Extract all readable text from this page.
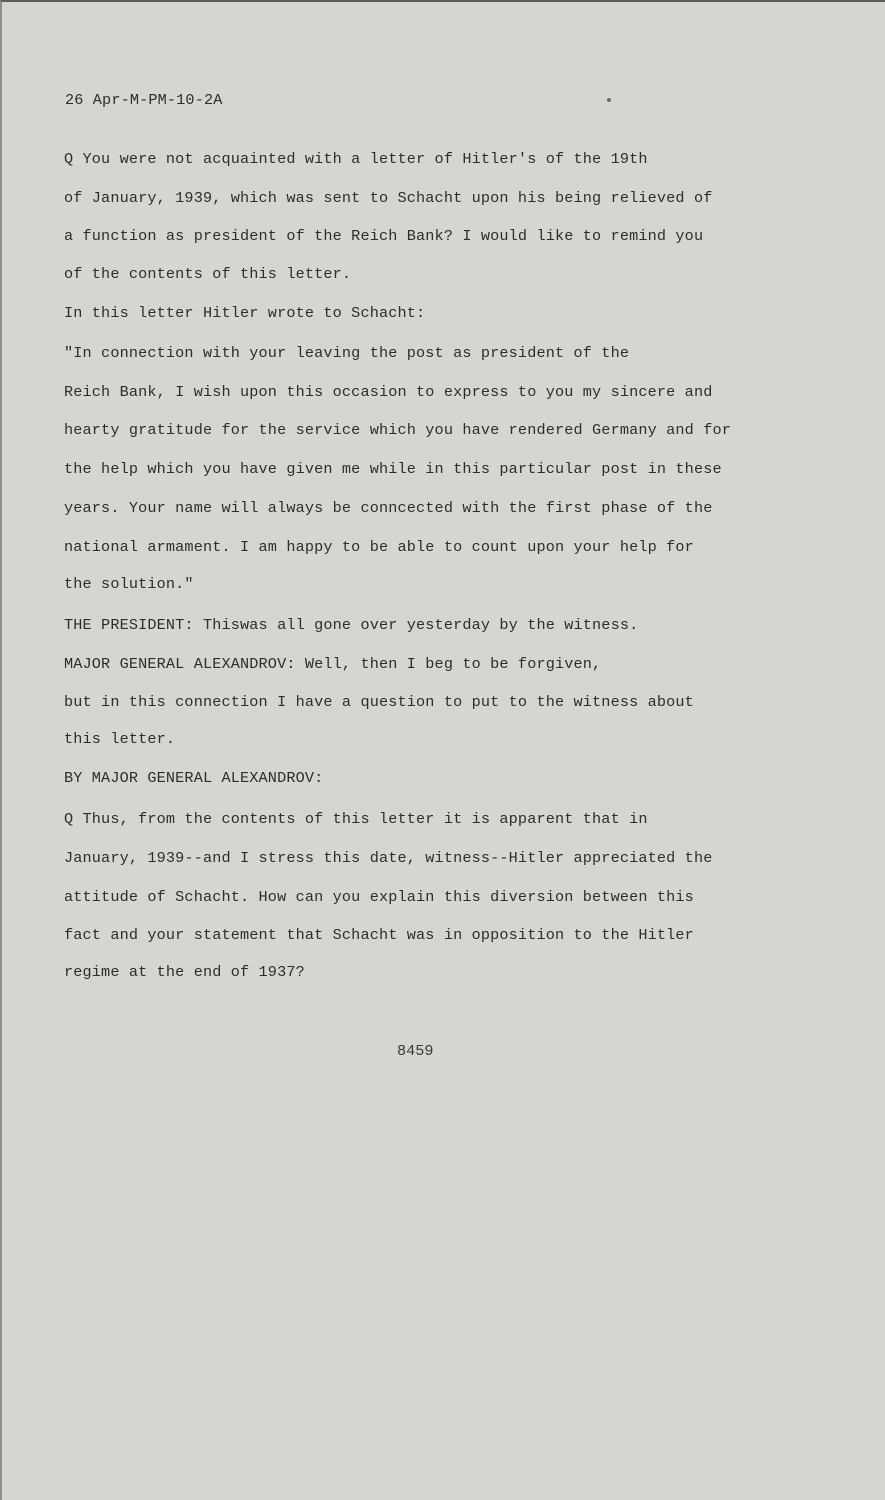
26 Apr-M-PM-10-2A
Q You were not acquainted with a letter of Hitler's of the 19th
of January, 1939, which was sent to Schacht upon his being relieved of
a function as president of the Reich Bank? I would like to remind you
of the contents of this letter.
In this letter Hitler wrote to Schacht:
"In connection with your leaving the post as president of the
Reich Bank, I wish upon this occasion to express to you my sincere and
hearty gratitude for the service which you have rendered Germany and for
the help which you have given me while in this particular post in these
years. Your name will always be conncected with the first phase of the
national armament. I am happy to be able to count upon your help for
the solution."
THE PRESIDENT: Thiswas all gone over yesterday by the witness.
MAJOR GENERAL ALEXANDROV: Well, then I beg to be forgiven,
but in this connection I have a question to put to the witness about
this letter.
BY MAJOR GENERAL ALEXANDROV:
Q Thus, from the contents of this letter it is apparent that in
January, 1939--and I stress this date, witness--Hitler appreciated the
attitude of Schacht. How can you explain this diversion between this
fact and your statement that Schacht was in opposition to the Hitler
regime at the end of 1937?
8459
